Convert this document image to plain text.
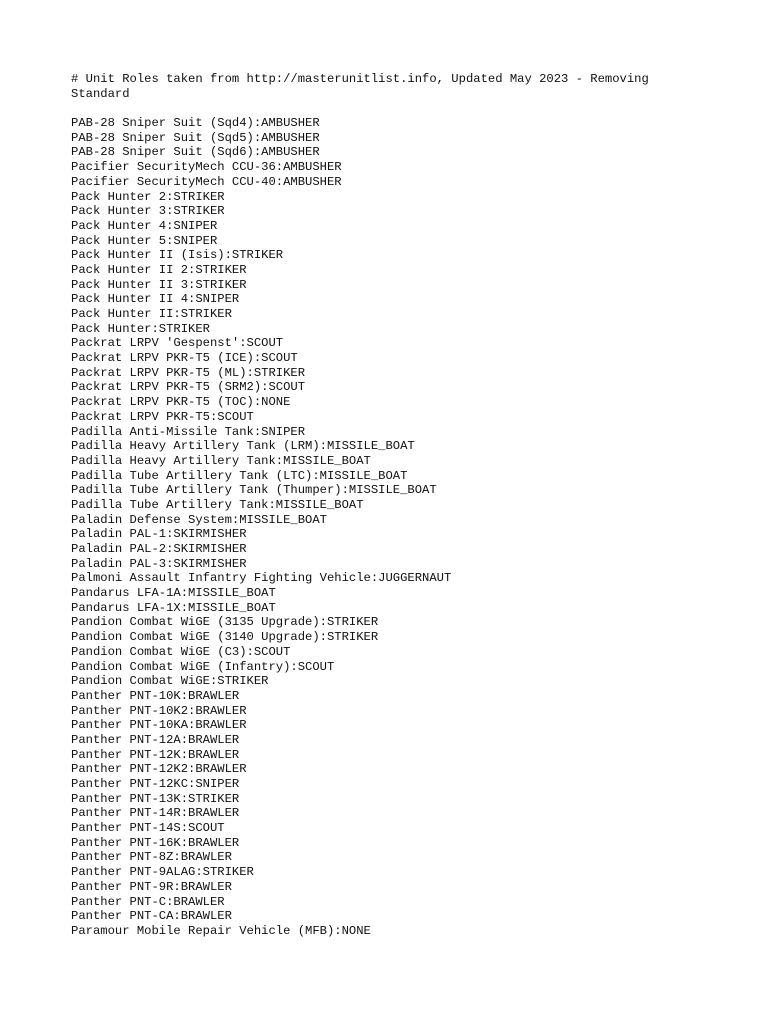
# Unit Roles taken from http://masterunitlist.info, Updated May 2023 - Removing Standard
PAB-28 Sniper Suit (Sqd4):AMBUSHER
PAB-28 Sniper Suit (Sqd5):AMBUSHER
PAB-28 Sniper Suit (Sqd6):AMBUSHER
Pacifier SecurityMech CCU-36:AMBUSHER
Pacifier SecurityMech CCU-40:AMBUSHER
Pack Hunter 2:STRIKER
Pack Hunter 3:STRIKER
Pack Hunter 4:SNIPER
Pack Hunter 5:SNIPER
Pack Hunter II (Isis):STRIKER
Pack Hunter II 2:STRIKER
Pack Hunter II 3:STRIKER
Pack Hunter II 4:SNIPER
Pack Hunter II:STRIKER
Pack Hunter:STRIKER
Packrat LRPV 'Gespenst':SCOUT
Packrat LRPV PKR-T5 (ICE):SCOUT
Packrat LRPV PKR-T5 (ML):STRIKER
Packrat LRPV PKR-T5 (SRM2):SCOUT
Packrat LRPV PKR-T5 (TOC):NONE
Packrat LRPV PKR-T5:SCOUT
Padilla Anti-Missile Tank:SNIPER
Padilla Heavy Artillery Tank (LRM):MISSILE_BOAT
Padilla Heavy Artillery Tank:MISSILE_BOAT
Padilla Tube Artillery Tank (LTC):MISSILE_BOAT
Padilla Tube Artillery Tank (Thumper):MISSILE_BOAT
Padilla Tube Artillery Tank:MISSILE_BOAT
Paladin Defense System:MISSILE_BOAT
Paladin PAL-1:SKIRMISHER
Paladin PAL-2:SKIRMISHER
Paladin PAL-3:SKIRMISHER
Palmoni Assault Infantry Fighting Vehicle:JUGGERNAUT
Pandarus LFA-1A:MISSILE_BOAT
Pandarus LFA-1X:MISSILE_BOAT
Pandion Combat WiGE (3135 Upgrade):STRIKER
Pandion Combat WiGE (3140 Upgrade):STRIKER
Pandion Combat WiGE (C3):SCOUT
Pandion Combat WiGE (Infantry):SCOUT
Pandion Combat WiGE:STRIKER
Panther PNT-10K:BRAWLER
Panther PNT-10K2:BRAWLER
Panther PNT-10KA:BRAWLER
Panther PNT-12A:BRAWLER
Panther PNT-12K:BRAWLER
Panther PNT-12K2:BRAWLER
Panther PNT-12KC:SNIPER
Panther PNT-13K:STRIKER
Panther PNT-14R:BRAWLER
Panther PNT-14S:SCOUT
Panther PNT-16K:BRAWLER
Panther PNT-8Z:BRAWLER
Panther PNT-9ALAG:STRIKER
Panther PNT-9R:BRAWLER
Panther PNT-C:BRAWLER
Panther PNT-CA:BRAWLER
Paramour Mobile Repair Vehicle (MFB):NONE
